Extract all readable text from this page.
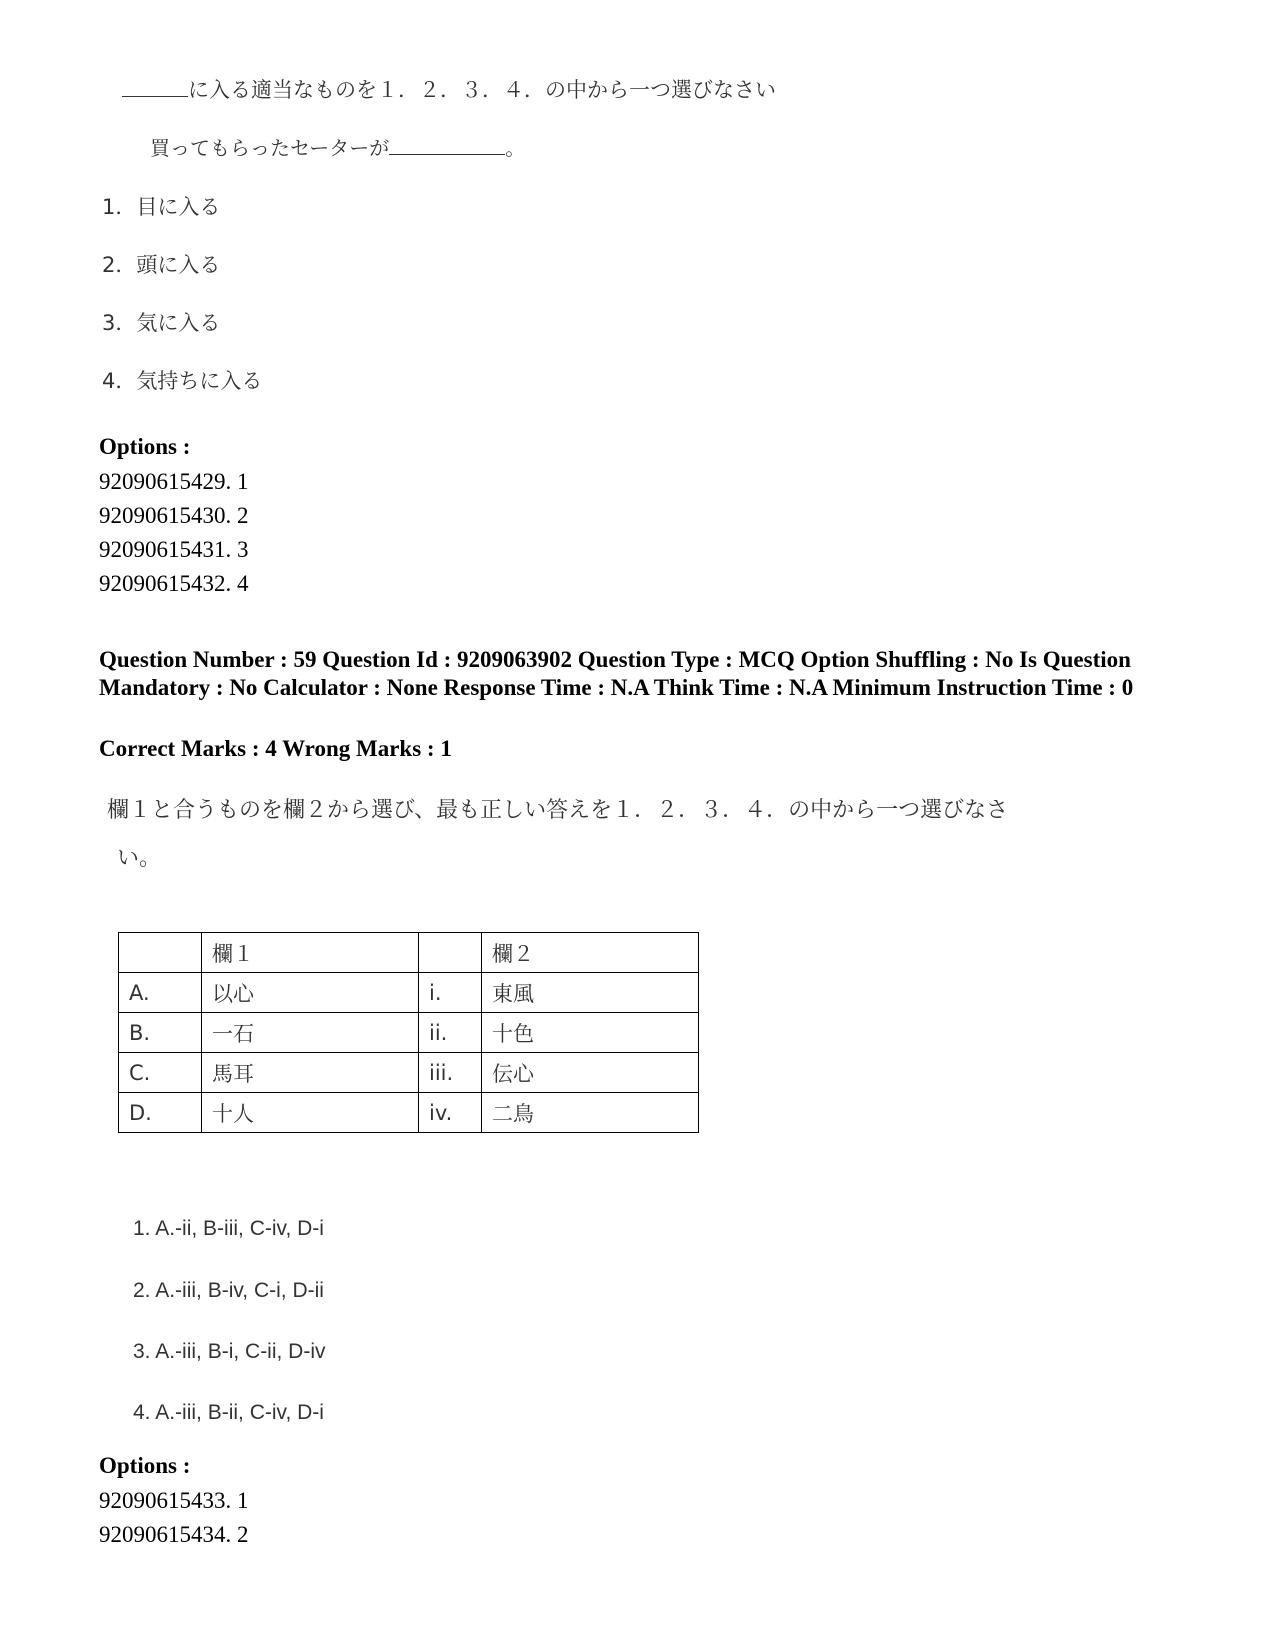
に入る適当なものを１．２．３．４．の中から一つ選びなさい
買ってもらったセーターが	。
1．目に入る
2．頭に入る
3．気に入る
4．気持ちに入る
Options :
92090615429. 1
92090615430. 2
92090615431. 3
92090615432. 4
Question Number : 59 Question Id : 9209063902 Question Type : MCQ Option Shuffling : No Is Question Mandatory : No Calculator : None Response Time : N.A Think Time : N.A Minimum Instruction Time : 0
Correct Marks : 4 Wrong Marks : 1
欄１と合うものを欄２から選び、最も正しい答えを１．２．３．４．の中から一つ選びなさ
い。
	欄１		欄２
A.	以心	i.	東風
B.	一石	ii.	十色
C.	馬耳	iii.	伝心
D.	十人	iv.	二鳥
1. A.-ii, B-iii, C-iv, D-i
2. A.-iii, B-iv, C-i, D-ii
3. A.-iii, B-i, C-ii, D-iv
4. A.-iii, B-ii, C-iv, D-i
Options :
92090615433. 1
92090615434. 2
